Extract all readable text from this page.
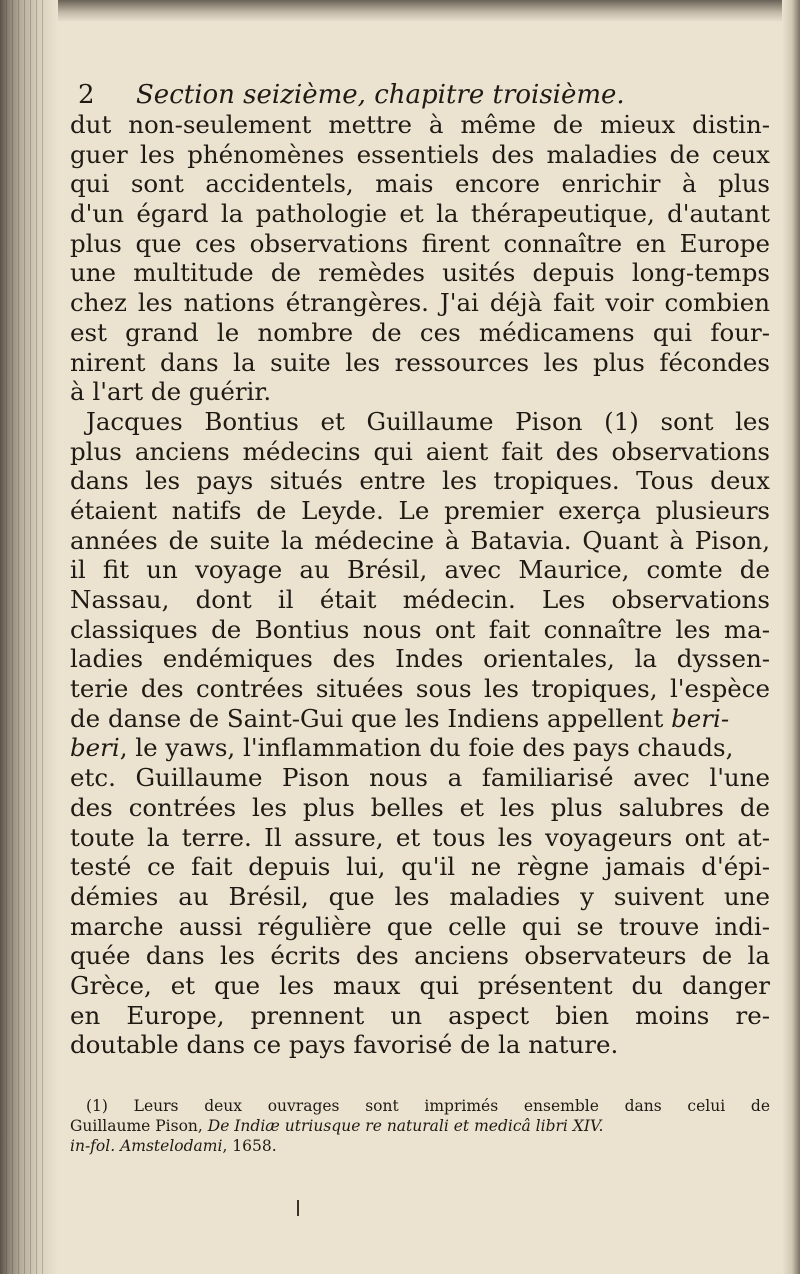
2 Section seizième, chapitre troisième.
dut non-seulement mettre à même de mieux distin-
guer les phénomènes essentiels des maladies de ceux
qui sont accidentels, mais encore enrichir à plus
d'un égard la pathologie et la thérapeutique, d'autant
plus que ces observations firent connaître en Europe
une multitude de remèdes usités depuis long-temps
chez les nations étrangères. J'ai déjà fait voir combien
est grand le nombre de ces médicamens qui four-
nirent dans la suite les ressources les plus fécondes
à l'art de guérir.
Jacques Bontius et Guillaume Pison (1) sont les
plus anciens médecins qui aient fait des observations
dans les pays situés entre les tropiques. Tous deux
étaient natifs de Leyde. Le premier exerça plusieurs
années de suite la médecine à Batavia. Quant à Pison,
il fit un voyage au Brésil, avec Maurice, comte de
Nassau, dont il était médecin. Les observations
classiques de Bontius nous ont fait connaître les ma-
ladies endémiques des Indes orientales, la dyssen-
terie des contrées situées sous les tropiques, l'espèce
de danse de Saint-Gui que les Indiens appellent beri-
beri, le yaws, l'inflammation du foie des pays chauds,
etc. Guillaume Pison nous a familiarisé avec l'une
des contrées les plus belles et les plus salubres de
toute la terre. Il assure, et tous les voyageurs ont at-
testé ce fait depuis lui, qu'il ne règne jamais d'épi-
démies au Brésil, que les maladies y suivent une
marche aussi régulière que celle qui se trouve indi-
quée dans les écrits des anciens observateurs de la
Grèce, et que les maux qui présentent du danger
en Europe, prennent un aspect bien moins re-
doutable dans ce pays favorisé de la nature.
(1) Leurs deux ouvrages sont imprimés ensemble dans celui de
Guillaume Pison, De Indiæ utriusque re naturali et medicâ libri XIV.
in-fol. Amstelodami, 1658.
